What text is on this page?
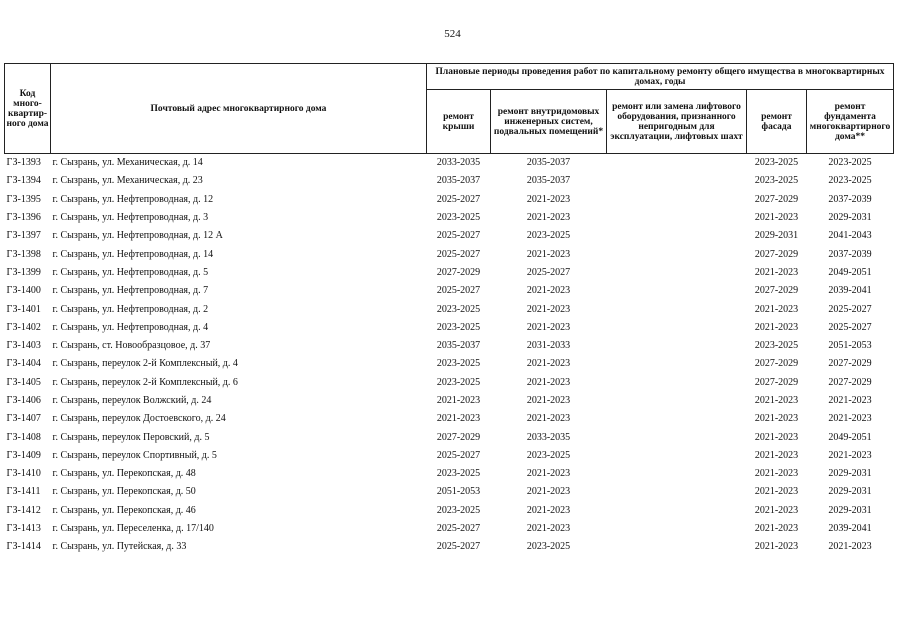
524
Код много-квартир-ного дома	Почтовый адрес многоквартирного дома	Плановые периоды проведения работ по капитальному ремонту общего имущества в многоквартирных домах, годы				
		ремонт крыши	ремонт внутридомовых инженерных систем, подвальных помещений*	ремонт или замена лифтового оборудования, признанного непригодным для эксплуатации, лифтовых шахт	ремонт фасада	ремонт фундамента многоквартирного дома**
ГЗ-1393	г. Сызрань, ул. Механическая, д. 14	2033-2035	2035-2037		2023-2025	2023-2025
ГЗ-1394	г. Сызрань, ул. Механическая, д. 23	2035-2037	2035-2037		2023-2025	2023-2025
ГЗ-1395	г. Сызрань, ул. Нефтепроводная, д. 12	2025-2027	2021-2023		2027-2029	2037-2039
ГЗ-1396	г. Сызрань, ул. Нефтепроводная, д. 3	2023-2025	2021-2023		2021-2023	2029-2031
ГЗ-1397	г. Сызрань, ул. Нефтепроводная, д. 12 А	2025-2027	2023-2025		2029-2031	2041-2043
ГЗ-1398	г. Сызрань, ул. Нефтепроводная, д. 14	2025-2027	2021-2023		2027-2029	2037-2039
ГЗ-1399	г. Сызрань, ул. Нефтепроводная, д. 5	2027-2029	2025-2027		2021-2023	2049-2051
ГЗ-1400	г. Сызрань, ул. Нефтепроводная, д. 7	2025-2027	2021-2023		2027-2029	2039-2041
ГЗ-1401	г. Сызрань, ул. Нефтепроводная, д. 2	2023-2025	2021-2023		2021-2023	2025-2027
ГЗ-1402	г. Сызрань, ул. Нефтепроводная, д. 4	2023-2025	2021-2023		2021-2023	2025-2027
ГЗ-1403	г. Сызрань, ст. Новообразцовое, д. 37	2035-2037	2031-2033		2023-2025	2051-2053
ГЗ-1404	г. Сызрань, переулок 2-й Комплексный, д. 4	2023-2025	2021-2023		2027-2029	2027-2029
ГЗ-1405	г. Сызрань, переулок 2-й Комплексный, д. 6	2023-2025	2021-2023		2027-2029	2027-2029
ГЗ-1406	г. Сызрань, переулок Волжский, д. 24	2021-2023	2021-2023		2021-2023	2021-2023
ГЗ-1407	г. Сызрань, переулок Достоевского, д. 24	2021-2023	2021-2023		2021-2023	2021-2023
ГЗ-1408	г. Сызрань, переулок Перовский, д. 5	2027-2029	2033-2035		2021-2023	2049-2051
ГЗ-1409	г. Сызрань, переулок Спортивный, д. 5	2025-2027	2023-2025		2021-2023	2021-2023
ГЗ-1410	г. Сызрань, ул. Перекопская, д. 48	2023-2025	2021-2023		2021-2023	2029-2031
ГЗ-1411	г. Сызрань, ул. Перекопская, д. 50	2051-2053	2021-2023		2021-2023	2029-2031
ГЗ-1412	г. Сызрань, ул. Перекопская, д. 46	2023-2025	2021-2023		2021-2023	2029-2031
ГЗ-1413	г. Сызрань, ул. Переселенка, д. 17/140	2025-2027	2021-2023		2021-2023	2039-2041
ГЗ-1414	г. Сызрань, ул. Путейская, д. 33	2025-2027	2023-2025		2021-2023	2021-2023
